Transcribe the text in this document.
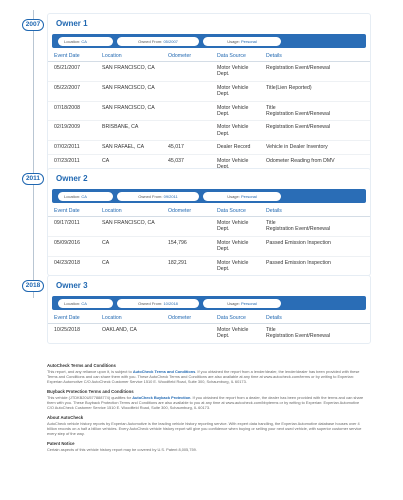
2007	Owner 1
Location: CA	Owned From: 05/2007	Usage: Personal
Event Date	Location	Odometer	Data Source	Details
05/21/2007	SAN FRANCISCO, CA		Motor Vehicle Dept.	Registration Event/Renewal
05/22/2007	SAN FRANCISCO, CA		Motor Vehicle Dept.	Title(Lien Reported)
07/18/2008	SAN FRANCISCO, CA		Motor Vehicle Dept.	Title
Registration Event/Renewal
02/19/2009	BRISBANE, CA		Motor Vehicle Dept.	Registration Event/Renewal
07/02/2011	SAN RAFAEL, CA	45,017	Dealer Record	Vehicle in Dealer Inventory
07/23/2011	CA	45,037	Motor Vehicle	Odometer Reading from DMV
2011	Owner 2
Location: CA	Owned From: 09/2011	Usage: Personal
Event Date	Location	Odometer	Data Source	Details
09/17/2011	SAN FRANCISCO, CA		Motor Vehicle Dept.	Title
Registration Event/Renewal
05/09/2016	CA	154,796	Motor Vehicle Dept.	Passed Emission Inspection
04/23/2018	CA	182,291	Motor Vehicle Dept.	Passed Emission Inspection
2018	Owner 3
Location: CA	Owned From: 10/2018	Usage: Personal
Event Date	Location	Odometer	Data Source	Details
10/25/2018	OAKLAND, CA		Motor Vehicle Dept.	Title
Registration Event/Renewal
AutoCheck Terms and Conditions

This report, and any reliance upon it, is subject to AutoCheck Terms and Conditions. If you obtained the report from a lender/dealer, the lender/dealer has been provided with these Terms and Conditions and can share them with you. These AutoCheck Terms and Conditions are also available at any time at www.autocheck.com/terms or by writing to Experian: Experian Automotive C/O AutoCheck Customer Service 1510 E. Woodfield Road, Suite 300, Schaumburg, IL 60173.

Buyback Protection Terms and Conditions

This vehicle (JTDKB20U577888774) qualifies for AutoCheck Buyback Protection. If you obtained the report from a dealer, the dealer has been provided with the terms and can share them with you. These Buyback Protection Terms and Conditions are also available to you at any time at www.autocheck.com/bbpterms or by writing to Experian: Experian Automotive C/O AutoCheck Customer Service 1510 E. Woodfield Road, Suite 300, Schaumburg, IL 60173.

About AutoCheck

AutoCheck vehicle history reports by Experian Automotive is the leading vehicle history reporting service. With expert data handling, the Experian Automotive database houses over 4 billion records on a half a billion vehicles. Every AutoCheck vehicle history report will give you confidence when buying or selling your next used vehicle, with superior customer service every step of the way.

Patent Notice

Certain aspects of this vehicle history report may be covered by U.S. Patent 8,005,759.
